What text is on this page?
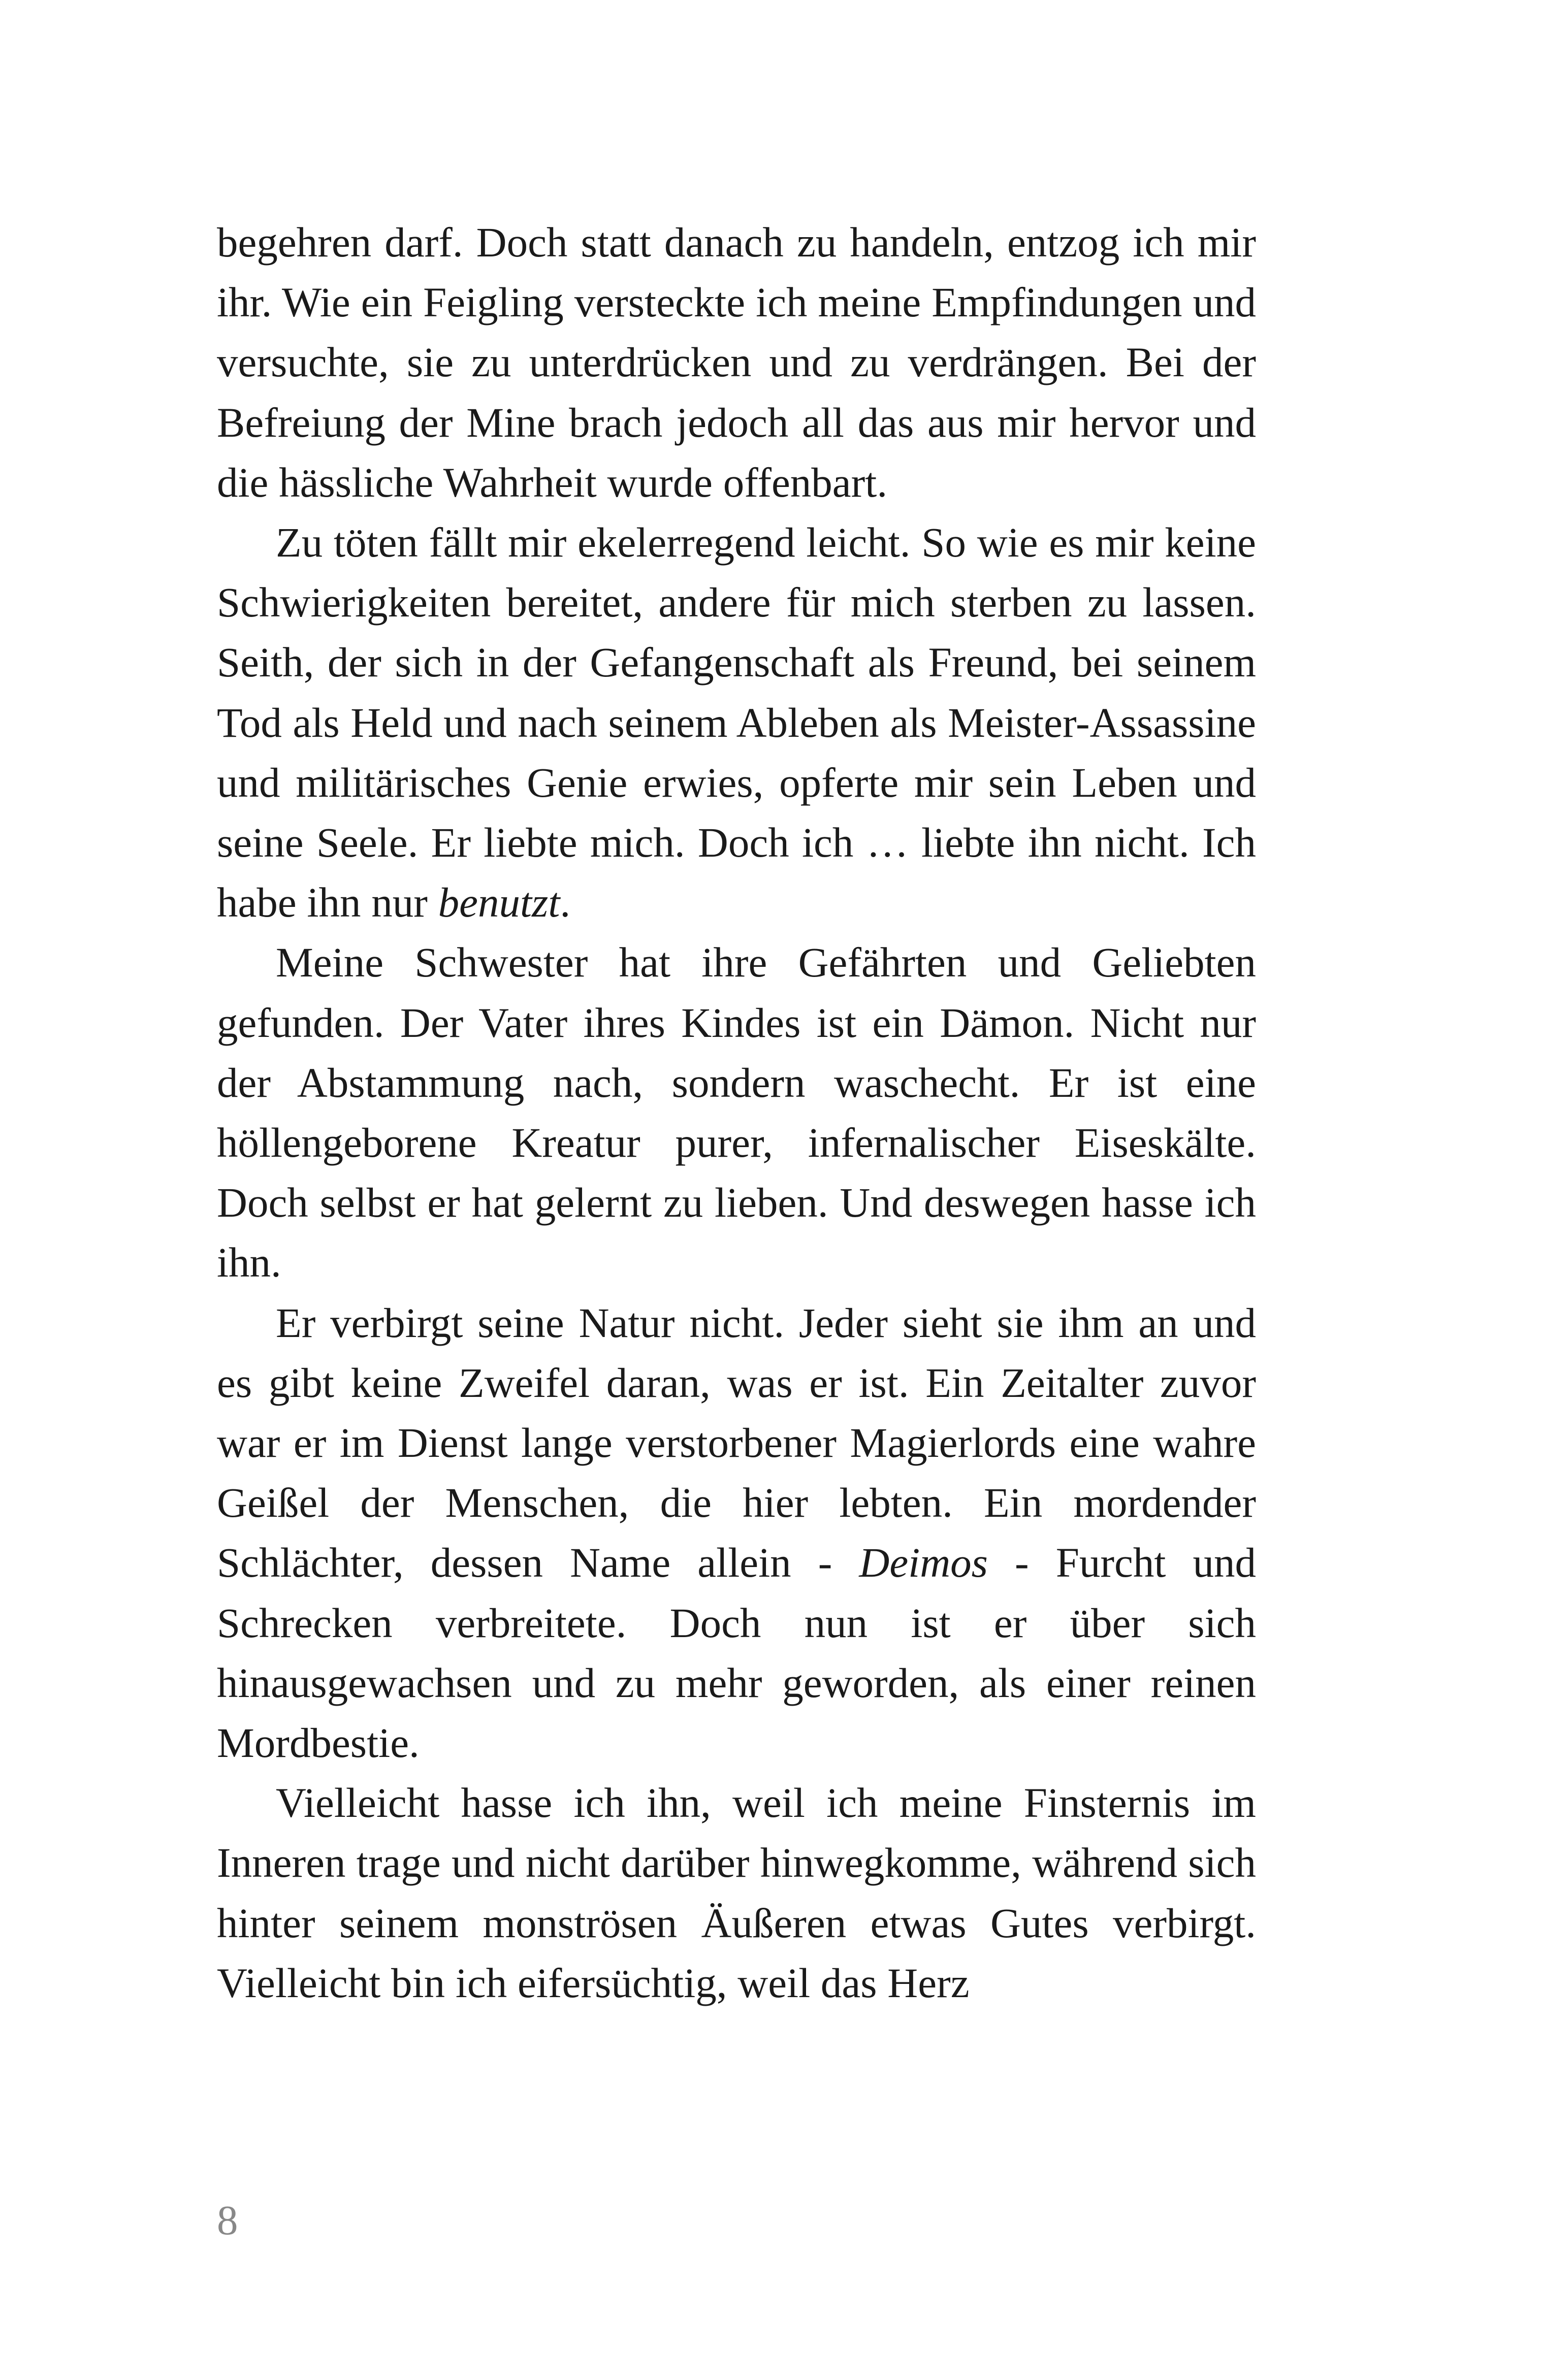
begehren darf. Doch statt danach zu handeln, entzog ich mir ihr. Wie ein Feigling versteckte ich meine Empfindungen und versuchte, sie zu unterdrücken und zu verdrängen. Bei der Befreiung der Mine brach jedoch all das aus mir hervor und die hässliche Wahrheit wurde offenbart.

Zu töten fällt mir ekelerregend leicht. So wie es mir keine Schwierigkeiten bereitet, andere für mich sterben zu lassen. Seith, der sich in der Gefangenschaft als Freund, bei seinem Tod als Held und nach seinem Ableben als Meister-Assassine und militärisches Genie erwies, opferte mir sein Leben und seine Seele. Er liebte mich. Doch ich … liebte ihn nicht. Ich habe ihn nur benutzt.

Meine Schwester hat ihre Gefährten und Geliebten gefunden. Der Vater ihres Kindes ist ein Dämon. Nicht nur der Abstammung nach, sondern waschecht. Er ist eine höllengeborene Kreatur purer, infernalischer Eiseskälte. Doch selbst er hat gelernt zu lieben. Und deswegen hasse ich ihn.

Er verbirgt seine Natur nicht. Jeder sieht sie ihm an und es gibt keine Zweifel daran, was er ist. Ein Zeitalter zuvor war er im Dienst lange verstorbener Magierlords eine wahre Geißel der Menschen, die hier lebten. Ein mordender Schlächter, dessen Name allein - Deimos - Furcht und Schrecken verbreitete. Doch nun ist er über sich hinausgewachsen und zu mehr geworden, als einer reinen Mordbestie.

Vielleicht hasse ich ihn, weil ich meine Finsternis im Inneren trage und nicht darüber hinwegkomme, während sich hinter seinem monströsen Äußeren etwas Gutes verbirgt. Vielleicht bin ich eifersüchtig, weil das Herz

8
